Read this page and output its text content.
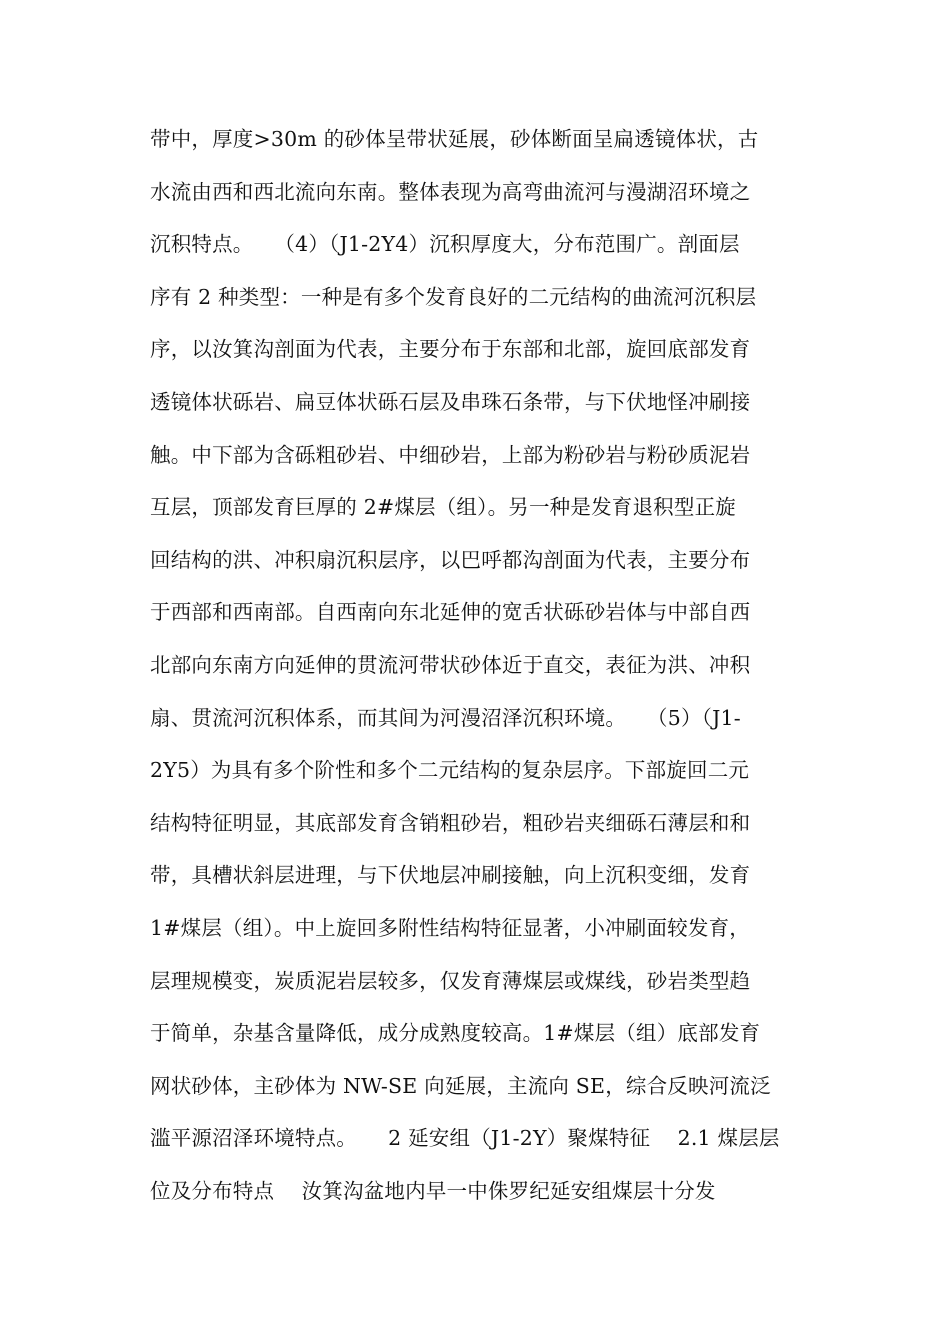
带中，厚度>30m 的砂体呈带状延展，砂体断面呈扁透镜体状，古
水流由西和西北流向东南。整体表现为高弯曲流河与漫湖沼环境之
沉积特点。　　（4）（J1-2Y4）沉积厚度大，分布范围广。剖面层
序有 2 种类型：一种是有多个发育良好的二元结构的曲流河沉积层
序，以汝箕沟剖面为代表，主要分布于东部和北部，旋回底部发育
透镜体状砾岩、扁豆体状砾石层及串珠石条带，与下伏地怪冲刷接
触。中下部为含砾粗砂岩、中细砂岩，上部为粉砂岩与粉砂质泥岩
互层，顶部发育巨厚的 2#煤层（组）。另一种是发育退积型正旋
回结构的洪、冲积扇沉积层序，以巴呼都沟剖面为代表，主要分布
于西部和西南部。自西南向东北延伸的宽舌状砾砂岩体与中部自西
北部向东南方向延伸的贯流河带状砂体近于直交，表征为洪、冲积
扇、贯流河沉积体系，而其间为河漫沼泽沉积环境。　　（5）（J1-
2Y5）为具有多个阶性和多个二元结构的复杂层序。下部旋回二元
结构特征明显，其底部发育含销粗砂岩，粗砂岩夹细砾石薄层和和
带，具槽状斜层进理，与下伏地层冲刷接触，向上沉积变细，发育
1#煤层（组）。中上旋回多附性结构特征显著，小冲刷面较发育，
层理规模变，炭质泥岩层较多，仅发育薄煤层或煤线，砂岩类型趋
于简单，杂基含量降低，成分成熟度较高。1#煤层（组）底部发育
网状砂体，主砂体为 NW-SE 向延展，主流向 SE，综合反映河流泛
滥平源沼泽环境特点。　　2 延安组（J1-2Y）聚煤特征　 2.1 煤层层
位及分布特点　 汝箕沟盆地内早一中侏罗纪延安组煤层十分发
